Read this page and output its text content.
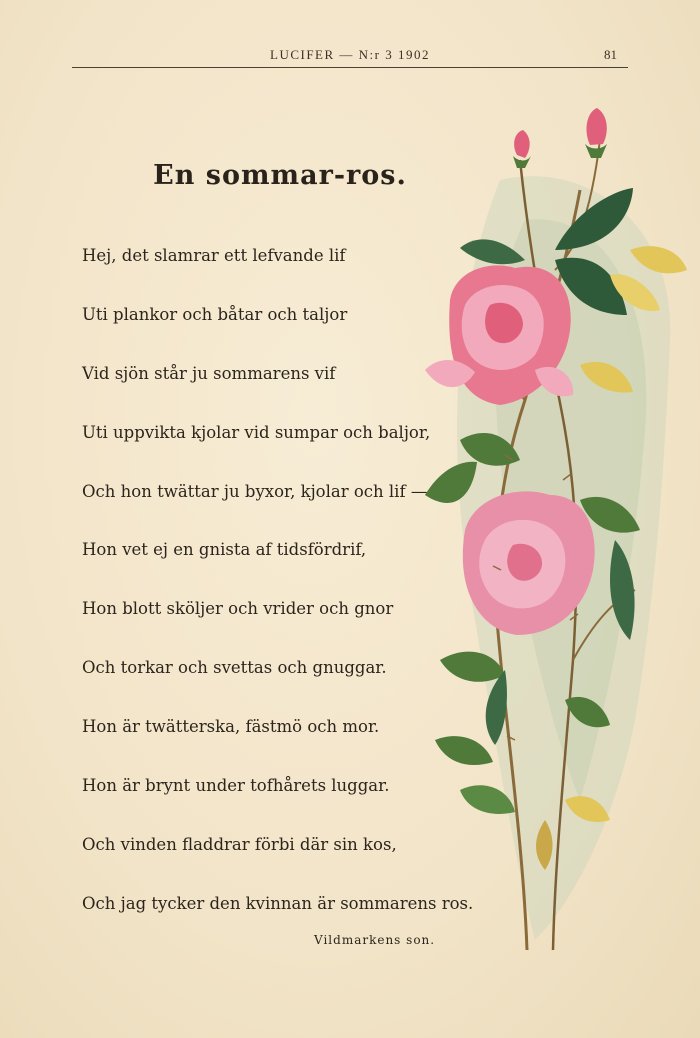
LUCIFER — N:r 3 1902	81
En sommar-ros.
Hej, det slamrar ett lefvande lif
Uti plankor och båtar och taljor
Vid sjön står ju sommarens vif
Uti uppvikta kjolar vid sumpar och baljor,
Och hon twättar ju byxor, kjolar och lif —
Hon vet ej en gnista af tidsfördrif,
Hon blott sköljer och vrider och gnor
Och torkar och svettas och gnuggar.
Hon är twätterska, fästmö och mor.
Hon är brynt under tofhårets luggar.
Och vinden fladdrar förbi där sin kos,
Och jag tycker den kvinnan är sommarens ros.
Vildmarkens son.
